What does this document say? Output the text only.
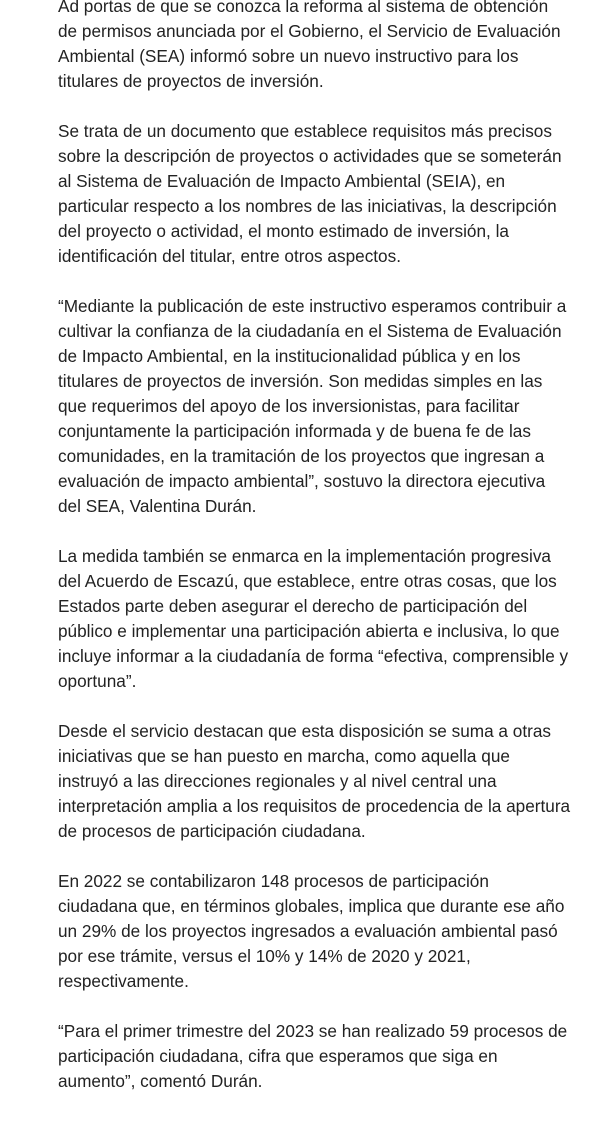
Ad portas de que se conozca la reforma al sistema de obtención de permisos anunciada por el Gobierno, el Servicio de Evaluación Ambiental (SEA) informó sobre un nuevo instructivo para los titulares de proyectos de inversión.

Se trata de un documento que establece requisitos más precisos sobre la descripción de proyectos o actividades que se someterán al Sistema de Evaluación de Impacto Ambiental (SEIA), en particular respecto a los nombres de las iniciativas, la descripción del proyecto o actividad, el monto estimado de inversión, la identificación del titular, entre otros aspectos.

“Mediante la publicación de este instructivo esperamos contribuir a cultivar la confianza de la ciudadanía en el Sistema de Evaluación de Impacto Ambiental, en la institucionalidad pública y en los titulares de proyectos de inversión. Son medidas simples en las que requerimos del apoyo de los inversionistas, para facilitar conjuntamente la participación informada y de buena fe de las comunidades, en la tramitación de los proyectos que ingresan a evaluación de impacto ambiental”, sostuvo la directora ejecutiva del SEA, Valentina Durán.

La medida también se enmarca en la implementación progresiva del Acuerdo de Escazú, que establece, entre otras cosas, que los Estados parte deben asegurar el derecho de participación del público e implementar una participación abierta e inclusiva, lo que incluye informar a la ciudadanía de forma “efectiva, comprensible y oportuna”.

Desde el servicio destacan que esta disposición se suma a otras iniciativas que se han puesto en marcha, como aquella que instruyó a las direcciones regionales y al nivel central una interpretación amplia a los requisitos de procedencia de la apertura de procesos de participación ciudadana.

En 2022 se contabilizaron 148 procesos de participación ciudadana que, en términos globales, implica que durante ese año un 29% de los proyectos ingresados a evaluación ambiental pasó por ese trámite, versus el 10% y 14% de 2020 y 2021, respectivamente.

“Para el primer trimestre del 2023 se han realizado 59 procesos de participación ciudadana, cifra que esperamos que siga en aumento”, comentó Durán.
